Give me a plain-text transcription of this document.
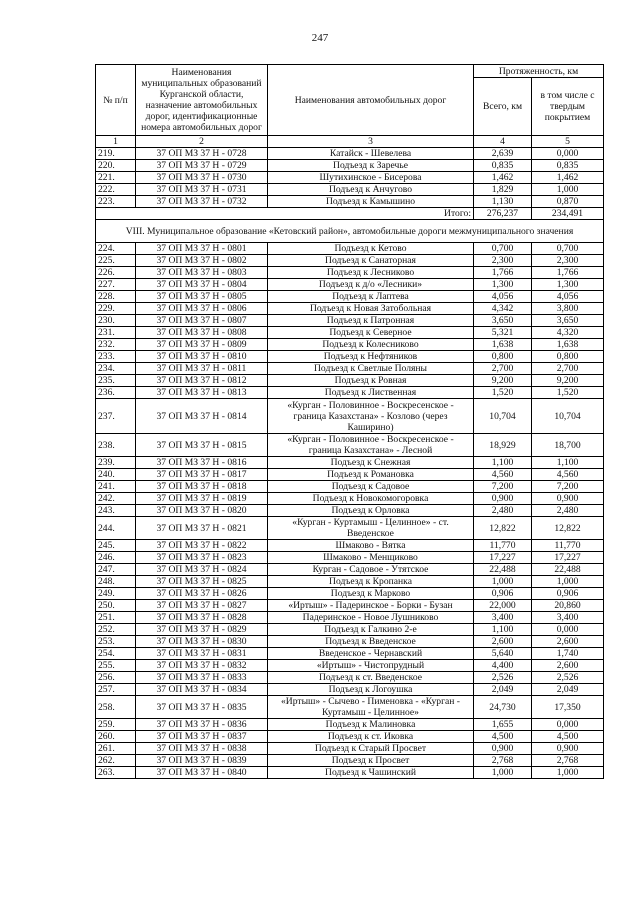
247
№ п/п	Наименования муниципальных образований Курганской области, назначение автомобильных дорог, идентификационные номера автомобильных дорог	Наименования автомобильных дорог	Протяженность, км	
			Всего, км	в том числе с твердым покрытием
1	2	3	4	5
219.	37 ОП МЗ 37 Н - 0728	Катайск - Шевелева	2,639	0,000
220.	37 ОП МЗ 37 Н - 0729	Подъезд к Заречье	0,835	0,835
221.	37 ОП МЗ 37 Н - 0730	Шутихинское - Бисерова	1,462	1,462
222.	37 ОП МЗ 37 Н - 0731	Подъезд к Анчугово	1,829	1,000
223.	37 ОП МЗ 37 Н - 0732	Подъезд к Камышино	1,130	0,870
Итого:			276,237	234,491
VIII. Муниципальное образование «Кетовский район», автомобильные дороги межмуниципального значения				
224.	37 ОП МЗ 37 Н - 0801	Подъезд к Кетово	0,700	0,700
225.	37 ОП МЗ 37 Н - 0802	Подъезд к Санаторная	2,300	2,300
226.	37 ОП МЗ 37 Н - 0803	Подъезд к Лесниково	1,766	1,766
227.	37 ОП МЗ 37 Н - 0804	Подъезд к д/о «Лесники»	1,300	1,300
228.	37 ОП МЗ 37 Н - 0805	Подъезд к Лаптева	4,056	4,056
229.	37 ОП МЗ 37 Н - 0806	Подъезд к Новая Затобольная	4,342	3,800
230.	37 ОП МЗ 37 Н - 0807	Подъезд к Патронная	3,650	3,650
231.	37 ОП МЗ 37 Н - 0808	Подъезд к Северное	5,321	4,320
232.	37 ОП МЗ 37 Н - 0809	Подъезд к Колесниково	1,638	1,638
233.	37 ОП МЗ 37 Н - 0810	Подъезд к Нефтяников	0,800	0,800
234.	37 ОП МЗ 37 Н - 0811	Подъезд к Светлые Поляны	2,700	2,700
235.	37 ОП МЗ 37 Н - 0812	Подъезд к Ровная	9,200	9,200
236.	37 ОП МЗ 37 Н - 0813	Подъезд к Лиственная	1,520	1,520
237.	37 ОП МЗ 37 Н - 0814	«Курган - Половинное - Воскресенское - граница Казахстана» - Козлово (через Каширино)	10,704	10,704
238.	37 ОП МЗ 37 Н - 0815	«Курган - Половинное - Воскресенское - граница Казахстана» - Лесной	18,929	18,700
239.	37 ОП МЗ 37 Н - 0816	Подъезд к Снежная	1,100	1,100
240.	37 ОП МЗ 37 Н - 0817	Подъезд к Романовка	4,560	4,560
241.	37 ОП МЗ 37 Н - 0818	Подъезд к Садовое	7,200	7,200
242.	37 ОП МЗ 37 Н - 0819	Подъезд к Новокомогоровка	0,900	0,900
243.	37 ОП МЗ 37 Н - 0820	Подъезд к Орловка	2,480	2,480
244.	37 ОП МЗ 37 Н - 0821	«Курган - Куртамыш - Целинное» - ст. Введенское	12,822	12,822
245.	37 ОП МЗ 37 Н - 0822	Шмаково - Вятка	11,770	11,770
246.	37 ОП МЗ 37 Н - 0823	Шмаково - Менщиково	17,227	17,227
247.	37 ОП МЗ 37 Н - 0824	Курган - Садовое - Утятское	22,488	22,488
248.	37 ОП МЗ 37 Н - 0825	Подъезд к Кропанка	1,000	1,000
249.	37 ОП МЗ 37 Н - 0826	Подъезд к Марково	0,906	0,906
250.	37 ОП МЗ 37 Н - 0827	«Иртыш» - Падеринское - Борки - Бузан	22,000	20,860
251.	37 ОП МЗ 37 Н - 0828	Падеринское - Новое Лушниково	3,400	3,400
252.	37 ОП МЗ 37 Н - 0829	Подъезд к Галкино 2-е	1,100	0,000
253.	37 ОП МЗ 37 Н - 0830	Подъезд к Введенское	2,600	2,600
254.	37 ОП МЗ 37 Н - 0831	Введенское - Чернавский	5,640	1,740
255.	37 ОП МЗ 37 Н - 0832	«Иртыш» - Чистопрудный	4,400	2,600
256.	37 ОП МЗ 37 Н - 0833	Подъезд к ст. Введенское	2,526	2,526
257.	37 ОП МЗ 37 Н - 0834	Подъезд к Логоушка	2,049	2,049
258.	37 ОП МЗ 37 Н - 0835	«Иртыш» - Сычево - Пименовка - «Курган - Куртамыш - Целинное»	24,730	17,350
259.	37 ОП МЗ 37 Н - 0836	Подъезд к Малиновка	1,655	0,000
260.	37 ОП МЗ 37 Н - 0837	Подъезд к ст. Иковка	4,500	4,500
261.	37 ОП МЗ 37 Н - 0838	Подъезд к Старый Просвет	0,900	0,900
262.	37 ОП МЗ 37 Н - 0839	Подъезд к Просвет	2,768	2,768
263.	37 ОП МЗ 37 Н - 0840	Подъезд к Чашинский	1,000	1,000
